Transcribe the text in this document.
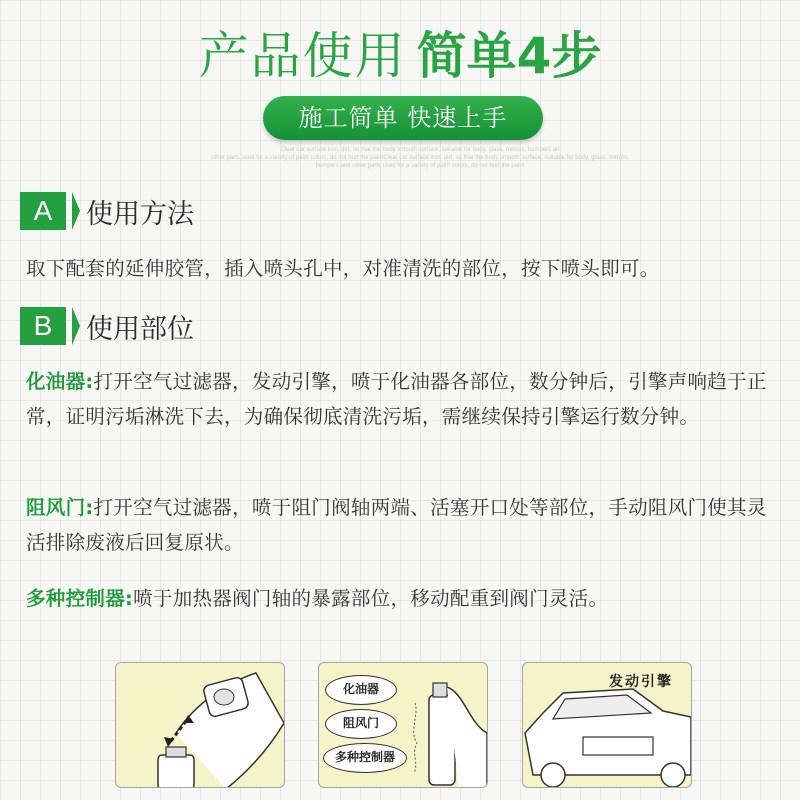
产品使用 简单4步
施工简单 快速上手
Clear car surface iron, dirt, so that the body smooth surface, suitable for body, glass, mirrors, bumpers an
other parts used for a variety of paint colors, do not hurt the paintClear car surface iron, dirt, so that the body smooth surface, suitable for body, glass, mirrors,
bumpers and other parts used for a variety of paint colors, do not hurt the paint
A	使用方法
取下配套的延伸胶管，插入喷头孔中，对准清洗的部位，按下喷头即可。
B	使用部位
化油器:打开空气过滤器，发动引擎，喷于化油器各部位，数分钟后，引擎声响趋于正常，证明污垢淋洗下去，为确保彻底清洗污垢，需继续保持引擎运行数分钟。
阻风门:打开空气过滤器，喷于阻门阀轴两端、活塞开口处等部位，手动阻风门使其灵活排除废液后回复原状。
多种控制器:喷于加热器阀门轴的暴露部位，移动配重到阀门灵活。
化油器
阻风门
多种控制器
发动引擎
